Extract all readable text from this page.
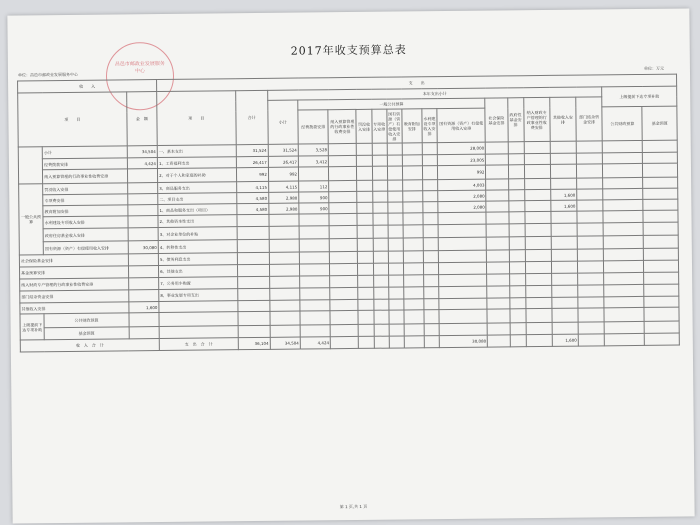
2017年收支预算总表
单位：昌邑市邮政业发展服务中心
单位：万元
昌邑市邮政业发展服务中心
收　　入			支　　出																	
项　　目		金　额	项　　目	合计	本年支出小计														上级提前下达专项补助	
					小计	一般公共预算								社会保险基金安排	政府性基金安排	纳入财政专户管理的行政事业性收费安排	其他收入安排	部门结余资金安排		
						经费拨款安排	纳入预算管理的行政事业性收费安排	罚没收入安排	专项收入安排	国有资源（资产）有偿使用收入安排	教育附加安排	水利建设专项收入安排	国有资源（资产）有偿使用收入安排						公共财政预算	基金预算
	小计	34,504	一、基本支出	31,524	31,524	3,528							28,000							
	经费拨款安排	4,424	1、工资福利支出	26,417	26,417	3,412							23,005							
	纳入预算管理的行政事业性收费安排		2、对于个人和家庭的补助	992	992								992							
一般公共预算	罚没收入安排		3、商品服务支出	4,115	4,115	112							4,003							
	专项费安排		二、项目支出	4,580	2,980	900							2,080				1,600			
	教育附加安排		1、商品和服务支出（项目）	4,580	2,980	900							2,080				1,600			
	水利建设专项收入安排		2、其他资本性支出																	
	政府住房基金收入安排		3、对企业单位的补贴																	
	国有资源（资产）有偿使用收入安排	30,080	4、转移性支出																	
社会保险基金安排			5、债务利息支出																	
基金预算安排			6、其他支出																	
纳入财政专户管理的行政事业性收费安排			7、公务用车购置																	
部门结余资金安排			8、事业发展专项支出																	
其他收入安排		1,600																		
上级提前下达专项补助	公共财政预算																			
	基金预算																			
收　入　合　计			支　出　合　计	36,104	34,504	4,424							30,080				1,600			
第 1 页,共 1 页
